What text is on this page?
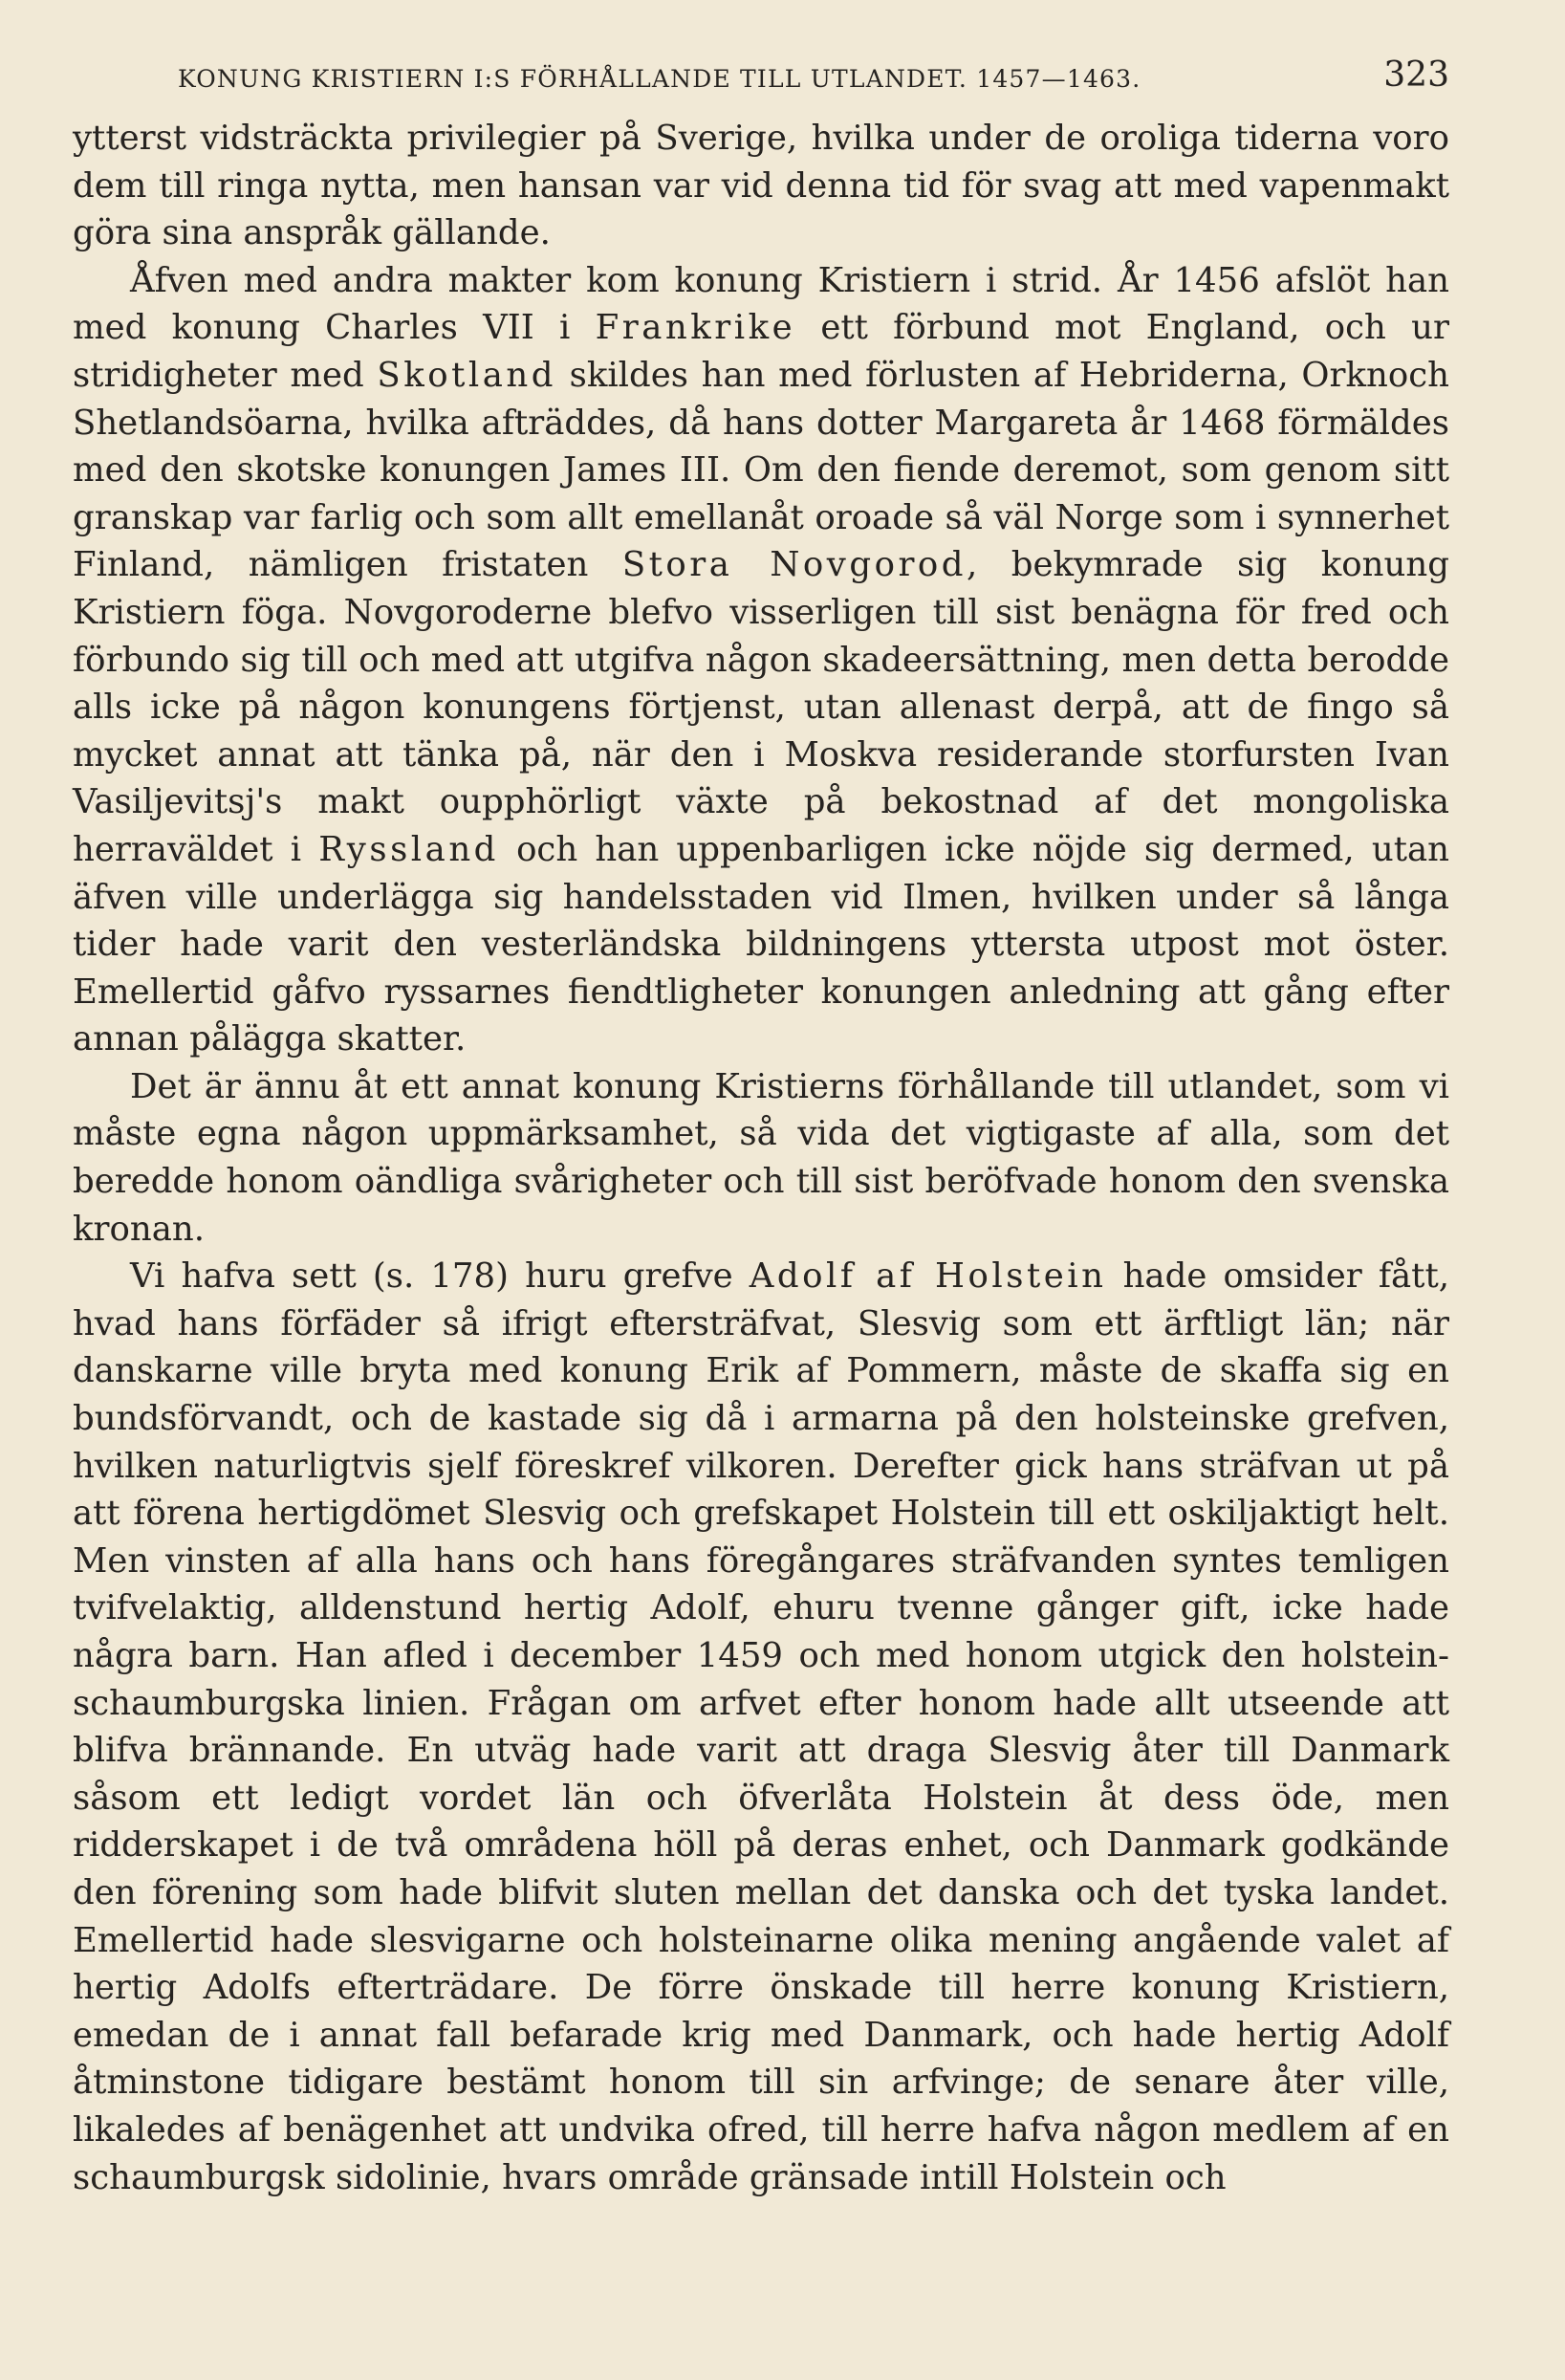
KONUNG KRISTIERN I:S FÖRHÅLLANDE TILL UTLANDET. 1457—1463.	323

ytterst vidsträckta privilegier på Sverige, hvilka under de oroliga tiderna voro dem till ringa nytta, men hansan var vid denna tid för svag att med vapenmakt göra sina anspråk gällande.

Åfven med andra makter kom konung Kristiern i strid. År 1456 afslöt han med konung Charles VII i Frankrike ett förbund mot England, och ur stridigheter med Skotland skildes han med förlusten af Hebriderna, Orknoch Shetlandsöarna, hvilka afträddes, då hans dotter Margareta år 1468 förmäldes med den skotske konungen James III. Om den fiende deremot, som genom sitt granskap var farlig och som allt emellanåt oroade så väl Norge som i synnerhet Finland, nämligen fristaten Stora Novgorod, bekymrade sig konung Kristiern föga. Novgoroderne blefvo visserligen till sist benägna för fred och förbundo sig till och med att utgifva någon skadeersättning, men detta berodde alls icke på någon konungens förtjenst, utan allenast derpå, att de fingo så mycket annat att tänka på, när den i Moskva residerande storfursten Ivan Vasiljevitsj's makt oupphörligt växte på bekostnad af det mongoliska herraväldet i Ryssland och han uppenbarligen icke nöjde sig dermed, utan äfven ville underlägga sig handelsstaden vid Ilmen, hvilken under så långa tider hade varit den vesterländska bildningens yttersta utpost mot öster. Emellertid gåfvo ryssarnes fiendtligheter konungen anledning att gång efter annan pålägga skatter.

Det är ännu åt ett annat konung Kristierns förhållande till utlandet, som vi måste egna någon uppmärksamhet, så vida det vigtigaste af alla, som det beredde honom oändliga svårigheter och till sist beröfvade honom den svenska kronan.

Vi hafva sett (s. 178) huru grefve Adolf af Holstein hade omsider fått, hvad hans förfäder så ifrigt eftersträfvat, Slesvig som ett ärftligt län; när danskarne ville bryta med konung Erik af Pommern, måste de skaffa sig en bundsförvandt, och de kastade sig då i armarna på den holsteinske grefven, hvilken naturligtvis sjelf föreskref vilkoren. Derefter gick hans sträfvan ut på att förena hertigdömet Slesvig och grefskapet Holstein till ett oskiljaktigt helt. Men vinsten af alla hans och hans föregångares sträfvanden syntes temligen tvifvelaktig, alldenstund hertig Adolf, ehuru tvenne gånger gift, icke hade några barn. Han afled i december 1459 och med honom utgick den holstein-schaumburgska linien. Frågan om arfvet efter honom hade allt utseende att blifva brännande. En utväg hade varit att draga Slesvig åter till Danmark såsom ett ledigt vordet län och öfverlåta Holstein åt dess öde, men ridderskapet i de två områdena höll på deras enhet, och Danmark godkände den förening som hade blifvit sluten mellan det danska och det tyska landet. Emellertid hade slesvigarne och holsteinarne olika mening angående valet af hertig Adolfs efterträdare. De förre önskade till herre konung Kristiern, emedan de i annat fall befarade krig med Danmark, och hade hertig Adolf åtminstone tidigare bestämt honom till sin arfvinge; de senare åter ville, likaledes af benägenhet att undvika ofred, till herre hafva någon medlem af en schaumburgsk sidolinie, hvars område gränsade intill Holstein och
